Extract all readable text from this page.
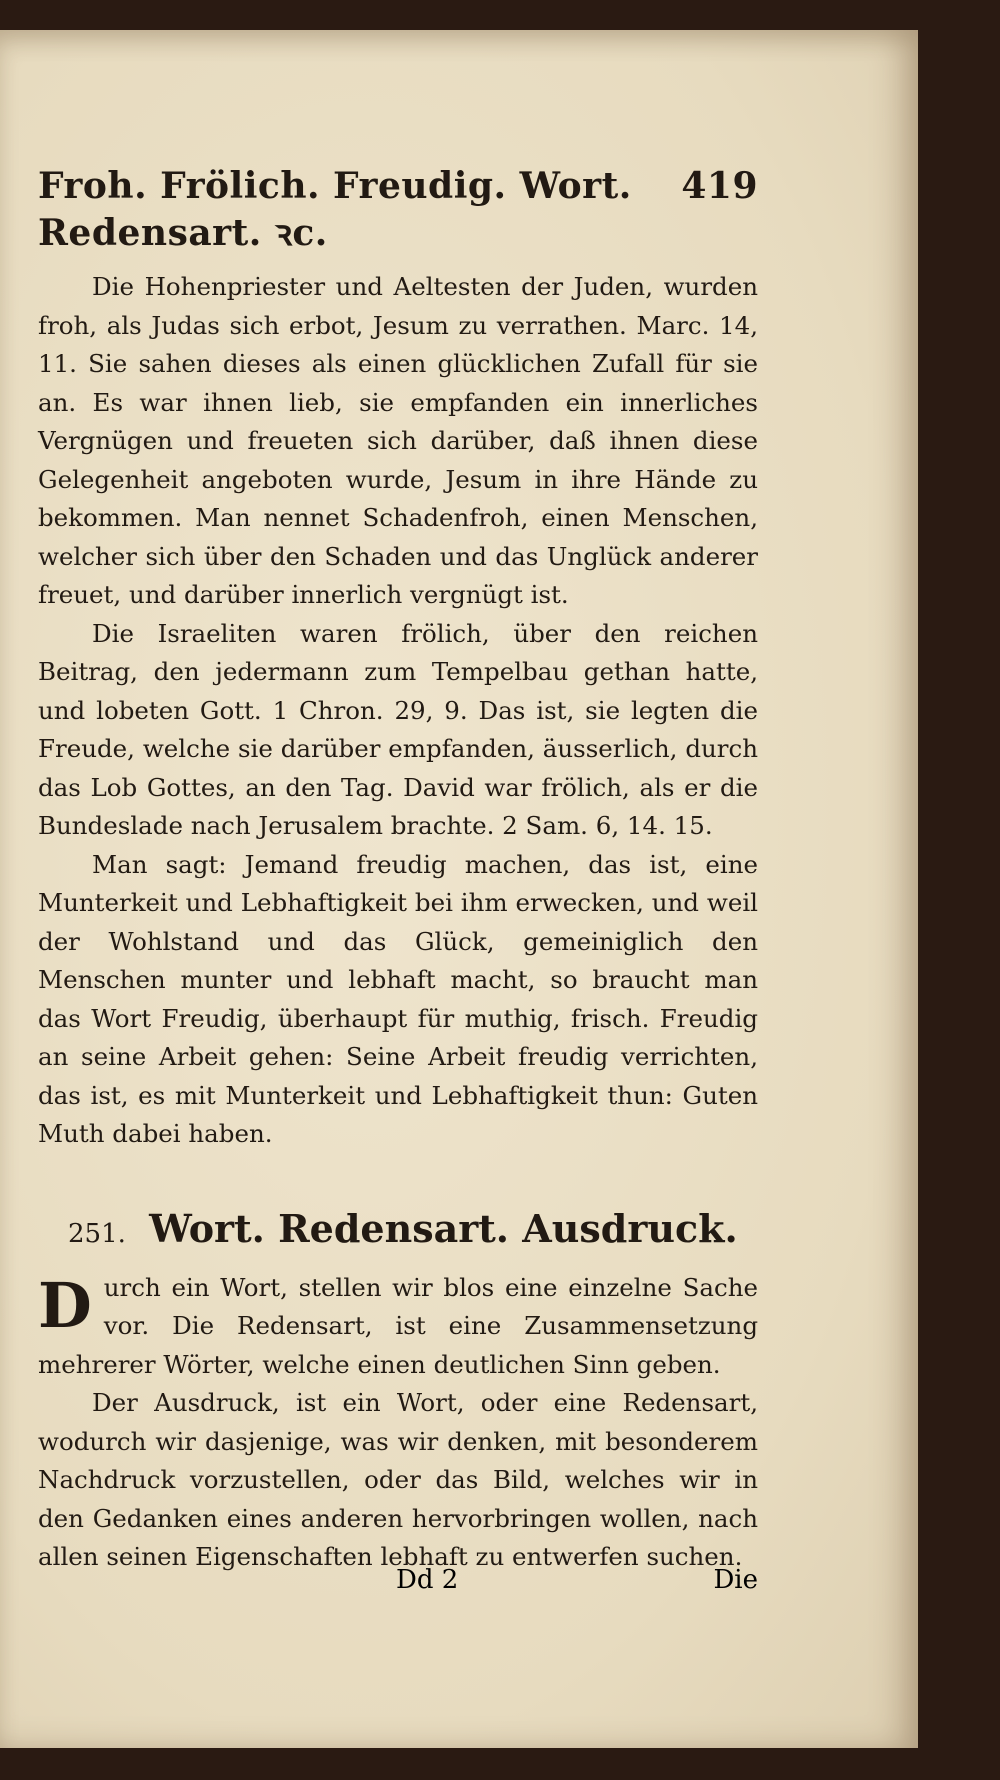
Froh. Frölich. Freudig. Wort. Redensart. ꝛc.
419

Die Hohenpriester und Aeltesten der Juden, wurden froh, als Judas sich erbot, Jesum zu verrathen. Marc. 14, 11. Sie sahen dieses als einen glücklichen Zufall für sie an. Es war ihnen lieb, sie empfanden ein innerliches Vergnügen und freueten sich darüber, daß ihnen diese Gelegenheit angeboten wurde, Jesum in ihre Hände zu bekommen. Man nennet Schadenfroh, einen Menschen, welcher sich über den Schaden und das Unglück anderer freuet, und darüber innerlich vergnügt ist.

Die Israeliten waren frölich, über den reichen Beitrag, den jedermann zum Tempelbau gethan hatte, und lobeten Gott. 1 Chron. 29, 9. Das ist, sie legten die Freude, welche sie darüber empfanden, äusserlich, durch das Lob Gottes, an den Tag. David war frölich, als er die Bundeslade nach Jerusalem brachte. 2 Sam. 6, 14. 15.

Man sagt: Jemand freudig machen, das ist, eine Munterkeit und Lebhaftigkeit bei ihm erwecken, und weil der Wohlstand und das Glück, gemeiniglich den Menschen munter und lebhaft macht, so braucht man das Wort Freudig, überhaupt für muthig, frisch. Freudig an seine Arbeit gehen: Seine Arbeit freudig verrichten, das ist, es mit Munterkeit und Lebhaftigkeit thun: Guten Muth dabei haben.

251. Wort. Redensart. Ausdruck.

Durch ein Wort, stellen wir blos eine einzelne Sache vor. Die Redensart, ist eine Zusammensetzung mehrerer Wörter, welche einen deutlichen Sinn geben.

Der Ausdruck, ist ein Wort, oder eine Redensart, wodurch wir dasjenige, was wir denken, mit besonderem Nachdruck vorzustellen, oder das Bild, welches wir in den Gedanken eines anderen hervorbringen wollen, nach allen seinen Eigenschaften lebhaft zu entwerfen suchen.

Dd 2	Die
